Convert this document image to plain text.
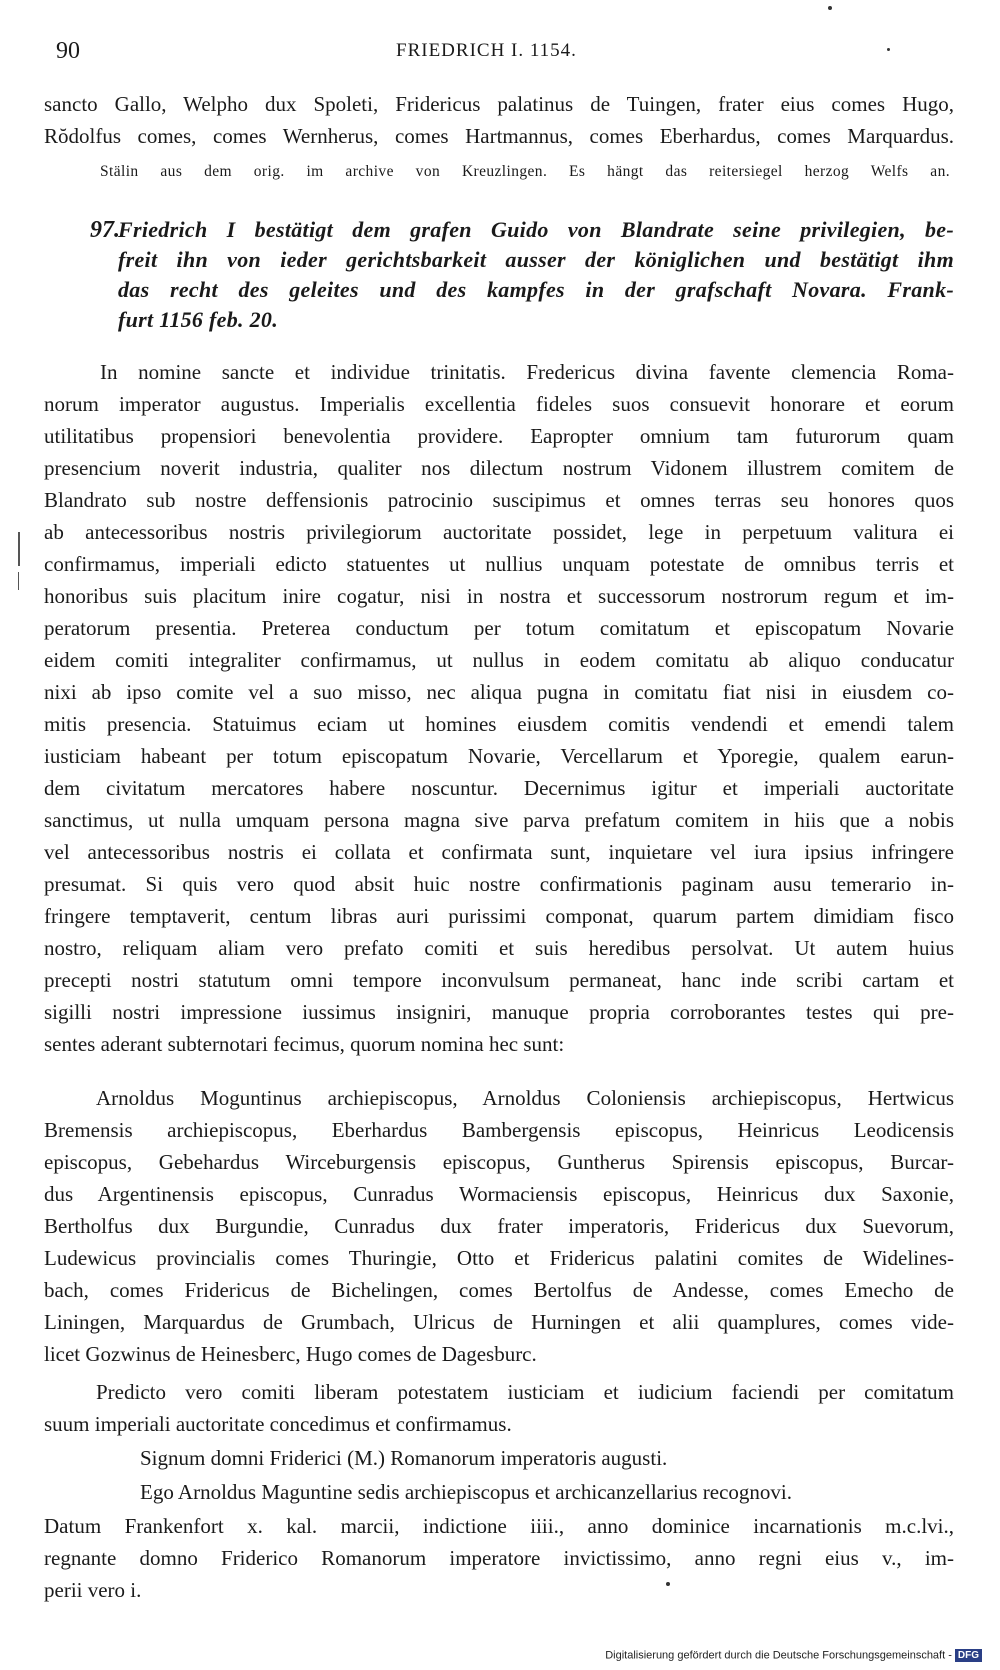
90	FRIEDRICH I. 1154.
sancto Gallo, Welpho dux Spoleti, Fridericus palatinus de Tuingen, frater eius comes Hugo,
Rŏdolfus comes, comes Wernherus, comes Hartmannus, comes Eberhardus, comes Marquardus.
Stälin aus dem orig. im archive von Kreuzlingen. Es hängt das reitersiegel herzog Welfs an.
97.
Friedrich I bestätigt dem grafen Guido von Blandrate seine privilegien, be-
freit ihn von ieder gerichtsbarkeit ausser der königlichen und bestätigt ihm
das recht des geleites und des kampfes in der grafschaft Novara. Frank-
furt 1156 feb. 20.
In nomine sancte et individue trinitatis. Fredericus divina favente clemencia Roma-
norum imperator augustus. Imperialis excellentia fideles suos consuevit honorare et eorum
utilitatibus propensiori benevolentia providere. Eapropter omnium tam futurorum quam
presencium noverit industria, qualiter nos dilectum nostrum Vidonem illustrem comitem de
Blandrato sub nostre deffensionis patrocinio suscipimus et omnes terras seu honores quos
ab antecessoribus nostris privilegiorum auctoritate possidet, lege in perpetuum valitura ei
confirmamus, imperiali edicto statuentes ut nullius unquam potestate de omnibus terris et
honoribus suis placitum inire cogatur, nisi in nostra et successorum nostrorum regum et im-
peratorum presentia. Preterea conductum per totum comitatum et episcopatum Novarie
eidem comiti integraliter confirmamus, ut nullus in eodem comitatu ab aliquo conducatur
nixi ab ipso comite vel a suo misso, nec aliqua pugna in comitatu fiat nisi in eiusdem co-
mitis presencia. Statuimus eciam ut homines eiusdem comitis vendendi et emendi talem
iusticiam habeant per totum episcopatum Novarie, Vercellarum et Yporegie, qualem earun-
dem civitatum mercatores habere noscuntur. Decernimus igitur et imperiali auctoritate
sanctimus, ut nulla umquam persona magna sive parva prefatum comitem in hiis que a nobis
vel antecessoribus nostris ei collata et confirmata sunt, inquietare vel iura ipsius infringere
presumat. Si quis vero quod absit huic nostre confirmationis paginam ausu temerario in-
fringere temptaverit, centum libras auri purissimi componat, quarum partem dimidiam fisco
nostro, reliquam aliam vero prefato comiti et suis heredibus persolvat. Ut autem huius
precepti nostri statutum omni tempore inconvulsum permaneat, hanc inde scribi cartam et
sigilli nostri impressione iussimus insigniri, manuque propria corroborantes testes qui pre-
sentes aderant subternotari fecimus, quorum nomina hec sunt:
Arnoldus Moguntinus archiepiscopus, Arnoldus Coloniensis archiepiscopus, Hertwicus
Bremensis archiepiscopus, Eberhardus Bambergensis episcopus, Heinricus Leodicensis
episcopus, Gebehardus Wirceburgensis episcopus, Guntherus Spirensis episcopus, Burcar-
dus Argentinensis episcopus, Cunradus Wormaciensis episcopus, Heinricus dux Saxonie,
Bertholfus dux Burgundie, Cunradus dux frater imperatoris, Fridericus dux Suevorum,
Ludewicus provincialis comes Thuringie, Otto et Fridericus palatini comites de Widelines-
bach, comes Fridericus de Bichelingen, comes Bertolfus de Andesse, comes Emecho de
Liningen, Marquardus de Grumbach, Ulricus de Hurningen et alii quamplures, comes vide-
licet Gozwinus de Heinesberc, Hugo comes de Dagesburc.
Predicto vero comiti liberam potestatem iusticiam et iudicium faciendi per comitatum
suum imperiali auctoritate concedimus et confirmamus.
Signum domni Friderici (M.) Romanorum imperatoris augusti.
Ego Arnoldus Maguntine sedis archiepiscopus et archicanzellarius recognovi.
Datum Frankenfort x. kal. marcii, indictione iiii., anno dominice incarnationis m.c.lvi.,
regnante domno Friderico Romanorum imperatore invictissimo, anno regni eius v., im-
perii vero i.
Digitalisierung gefördert durch die Deutsche Forschungsgemeinschaft - DFG
